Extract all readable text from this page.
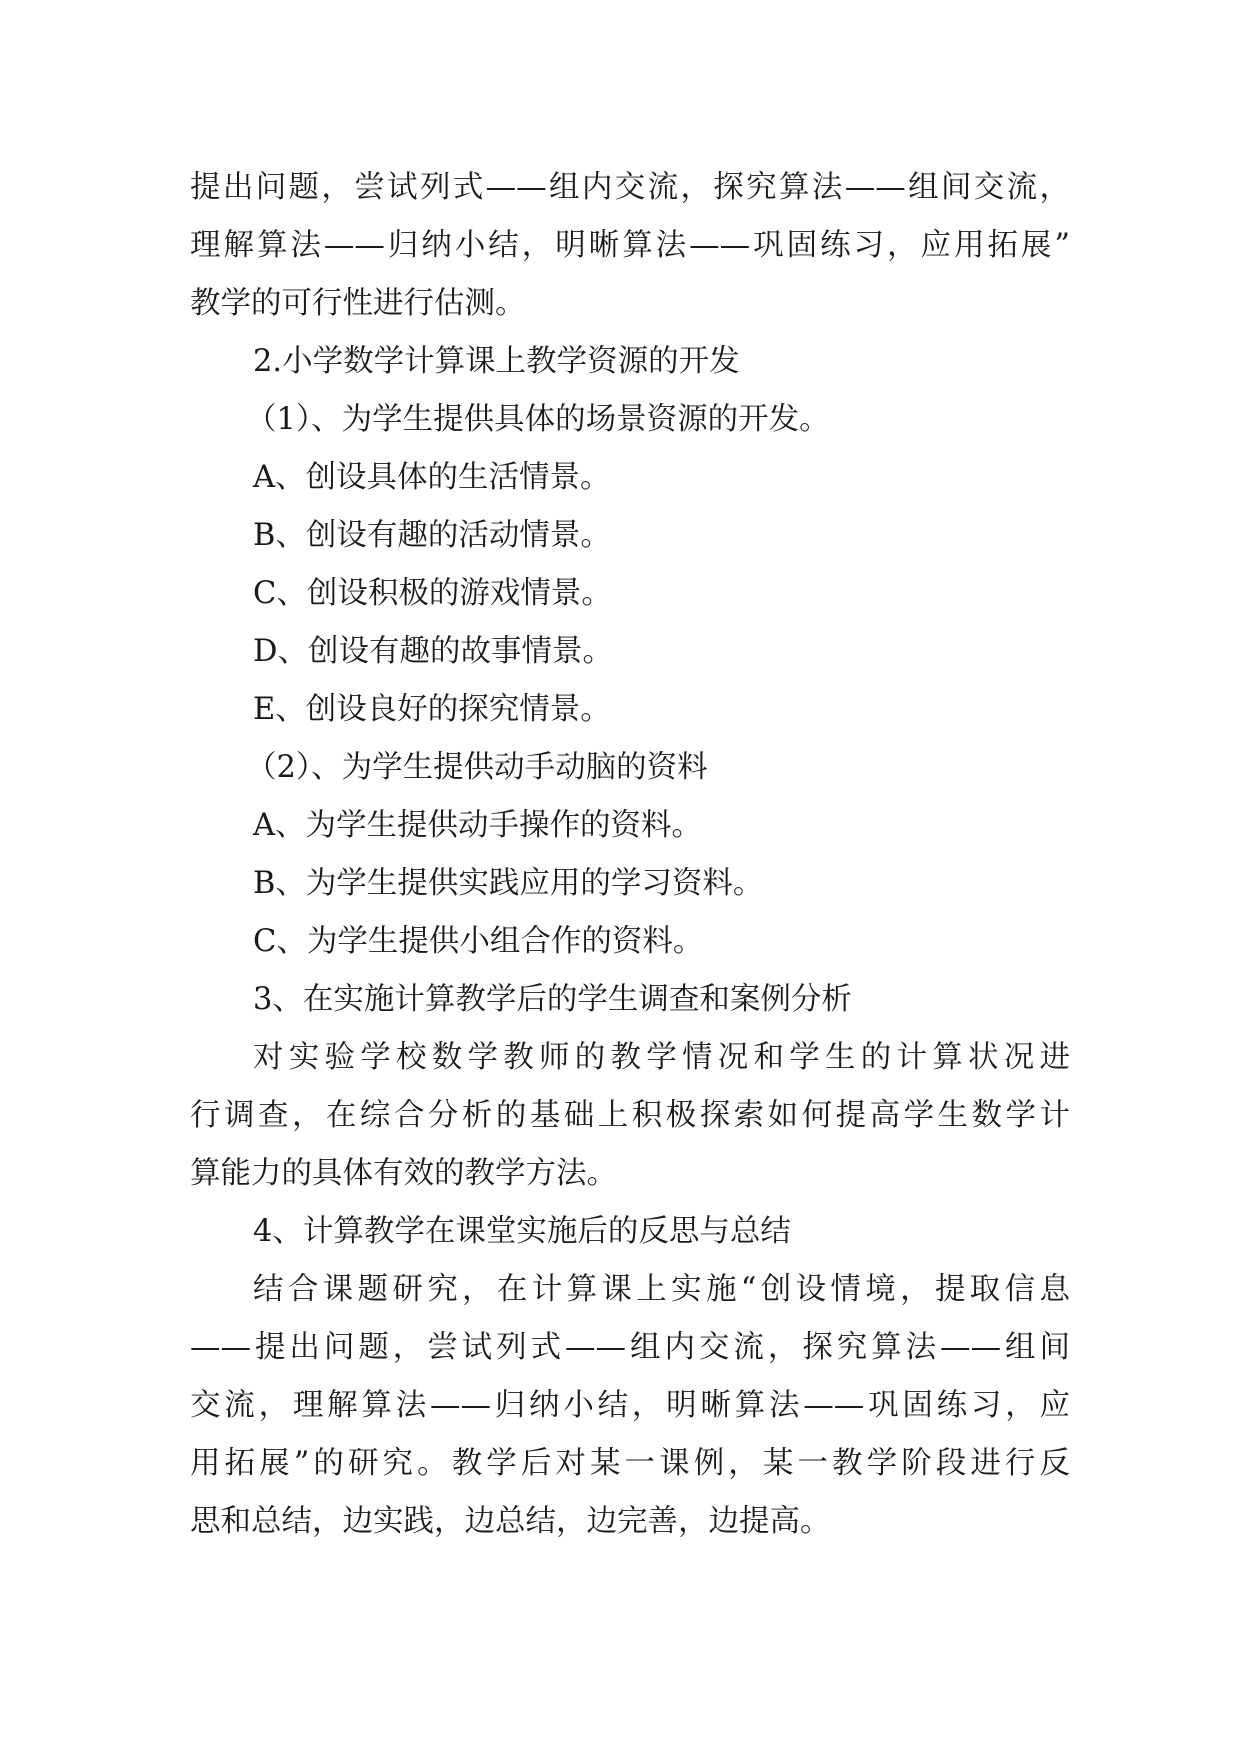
提出问题，尝试列式——组内交流，探究算法——组间交流，
理解算法——归纳小结，明晰算法——巩固练习，应用拓展”
教学的可行性进行估测。
2.小学数学计算课上教学资源的开发
（1）、为学生提供具体的场景资源的开发。
A、创设具体的生活情景。
B、创设有趣的活动情景。
C、创设积极的游戏情景。
D、创设有趣的故事情景。
E、创设良好的探究情景。
（2）、为学生提供动手动脑的资料
A、为学生提供动手操作的资料。
B、为学生提供实践应用的学习资料。
C、为学生提供小组合作的资料。
3、在实施计算教学后的学生调查和案例分析
对实验学校数学教师的教学情况和学生的计算状况进
行调查，在综合分析的基础上积极探索如何提高学生数学计
算能力的具体有效的教学方法。
4、计算教学在课堂实施后的反思与总结
结合课题研究，在计算课上实施“创设情境，提取信息
——提出问题，尝试列式——组内交流，探究算法——组间
交流，理解算法——归纳小结，明晰算法——巩固练习，应
用拓展”的研究。教学后对某一课例，某一教学阶段进行反
思和总结，边实践，边总结，边完善，边提高。
